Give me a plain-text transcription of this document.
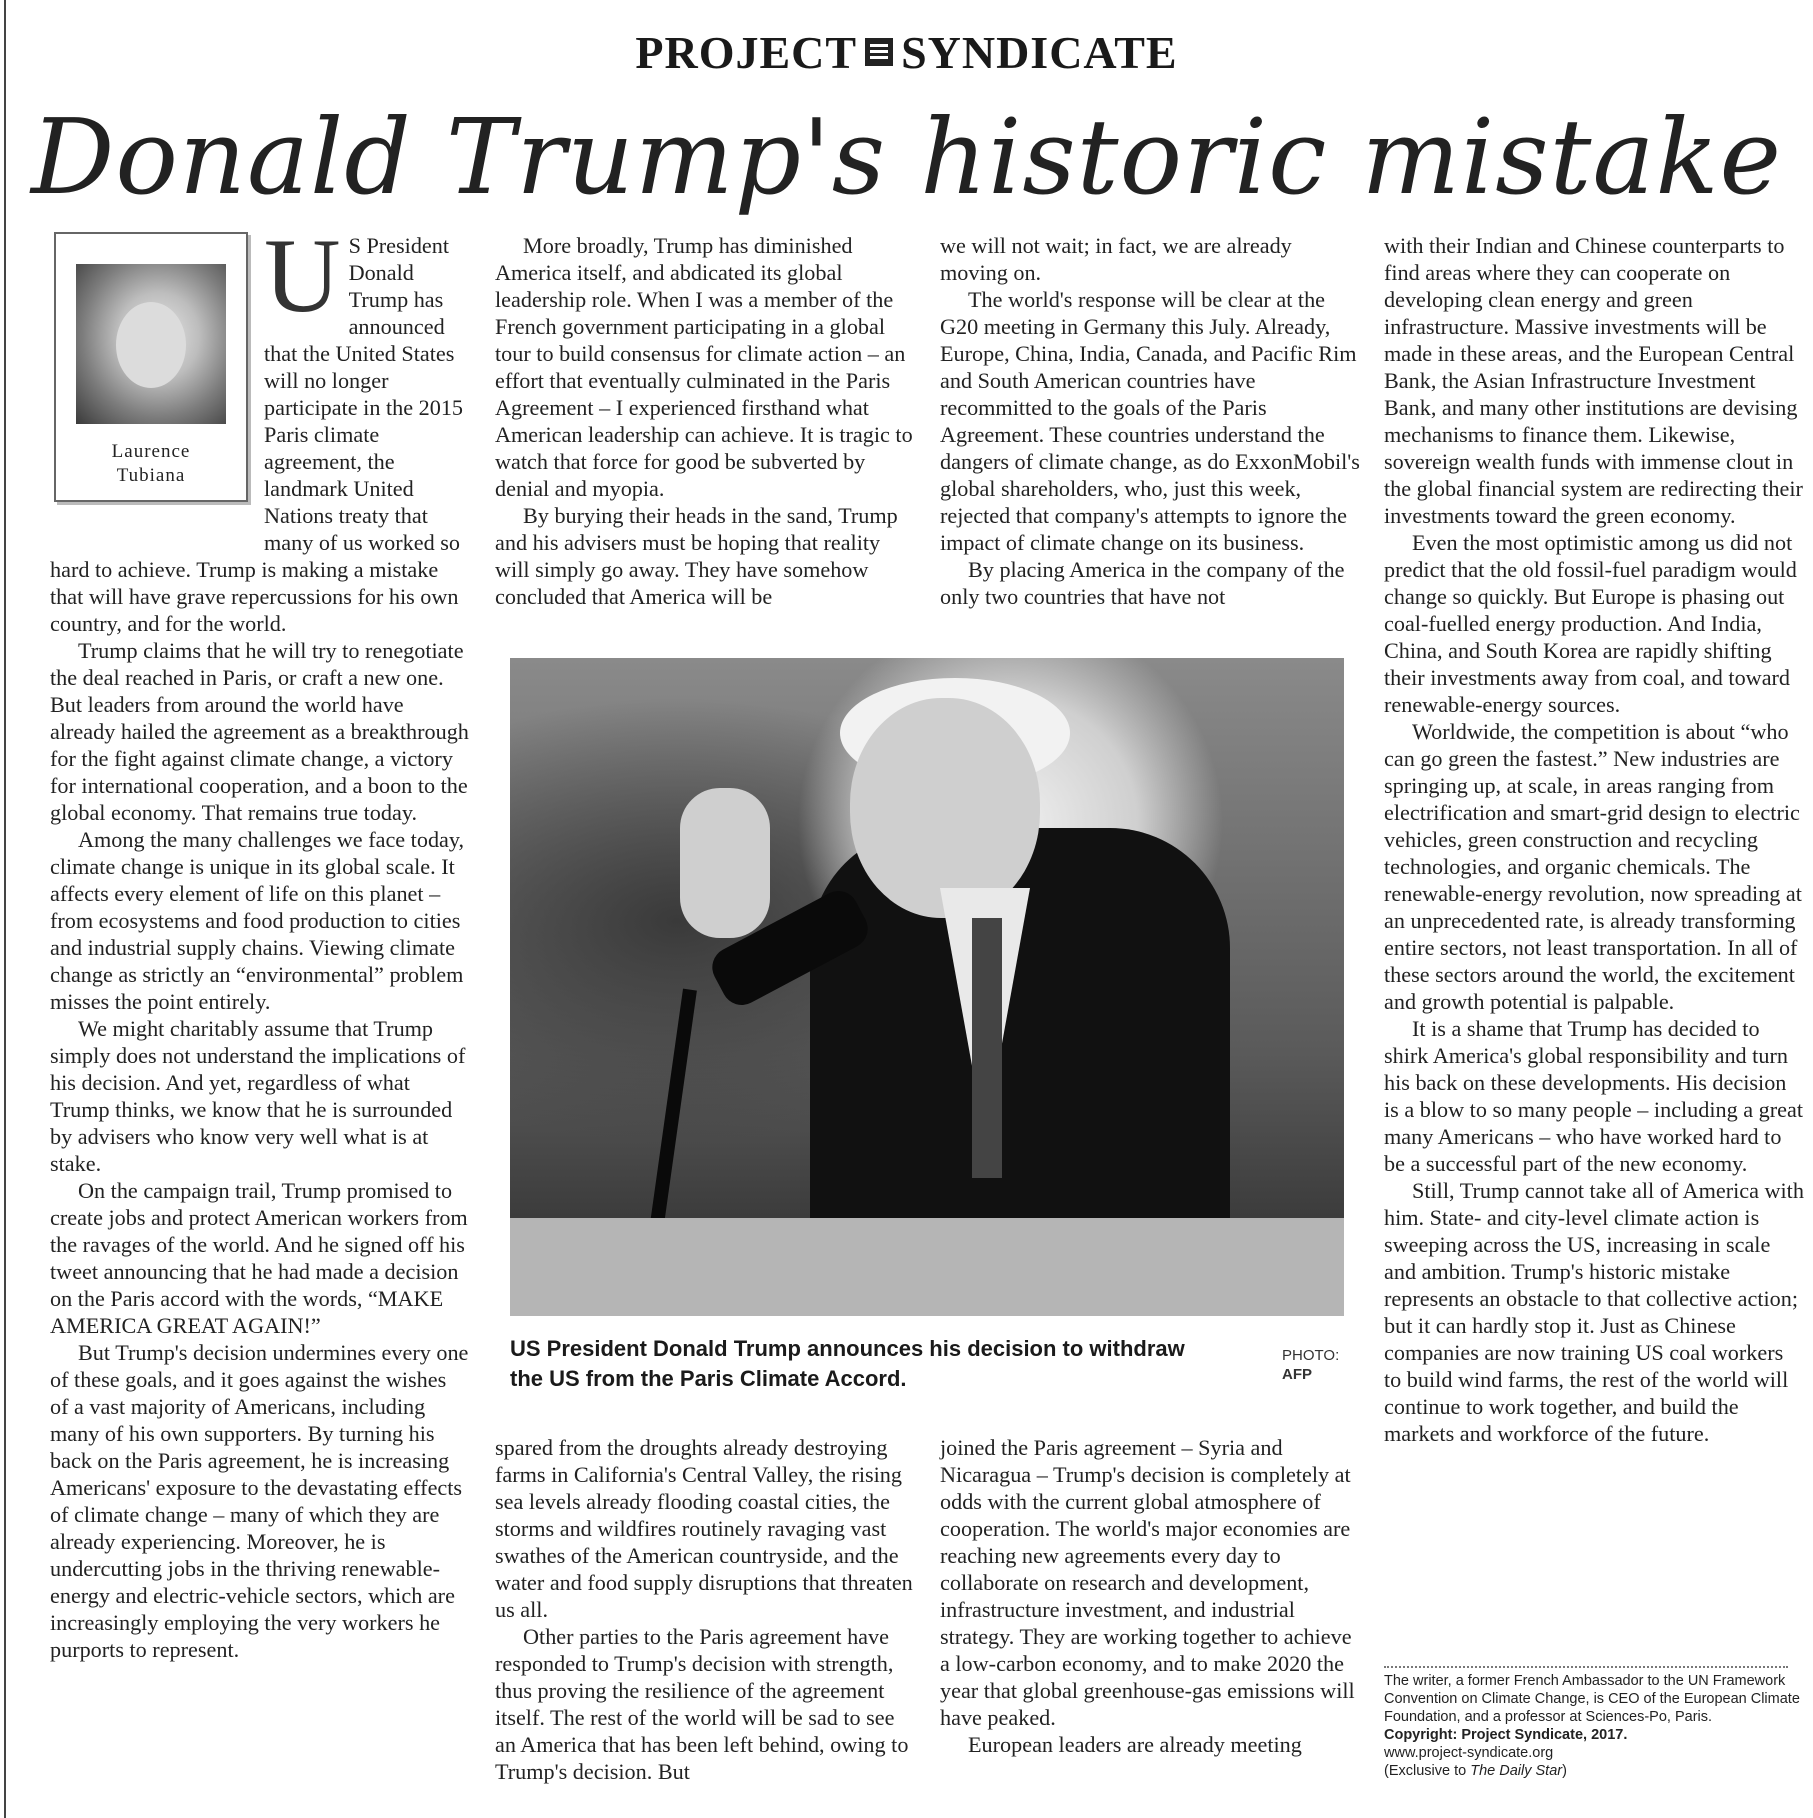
PROJECT SYNDICATE
Donald Trump's historic mistake
Laurence
Tubiana

U S President Donald Trump has announced that the United States will no longer participate in the 2015 Paris climate agreement, the landmark United Nations treaty that many of us worked so hard to achieve. Trump is making a mistake that will have grave repercussions for his own country, and for the world.

Trump claims that he will try to renegotiate the deal reached in Paris, or craft a new one. But leaders from around the world have already hailed the agreement as a breakthrough for the fight against climate change, a victory for international cooperation, and a boon to the global economy. That remains true today.

Among the many challenges we face today, climate change is unique in its global scale. It affects every element of life on this planet – from ecosystems and food production to cities and industrial supply chains. Viewing climate change as strictly an “environmental” problem misses the point entirely.

We might charitably assume that Trump simply does not understand the implications of his decision. And yet, regardless of what Trump thinks, we know that he is surrounded by advisers who know very well what is at stake.

On the campaign trail, Trump promised to create jobs and protect American workers from the ravages of the world. And he signed off his tweet announcing that he had made a decision on the Paris accord with the words, “MAKE AMERICA GREAT AGAIN!”

But Trump's decision undermines every one of these goals, and it goes against the wishes of a vast majority of Americans, including many of his own supporters. By turning his back on the Paris agreement, he is increasing Americans' exposure to the devastating effects of climate change – many of which they are already experiencing. Moreover, he is undercutting jobs in the thriving renewable-energy and electric-vehicle sectors, which are increasingly employing the very workers he purports to represent.

More broadly, Trump has diminished America itself, and abdicated its global leadership role. When I was a member of the French government participating in a global tour to build consensus for climate action – an effort that eventually culminated in the Paris Agreement – I experienced firsthand what American leadership can achieve. It is tragic to watch that force for good be subverted by denial and myopia.

By burying their heads in the sand, Trump and his advisers must be hoping that reality will simply go away. They have somehow concluded that America will be

we will not wait; in fact, we are already moving on.

The world's response will be clear at the G20 meeting in Germany this July. Already, Europe, China, India, Canada, and Pacific Rim and South American countries have recommitted to the goals of the Paris Agreement. These countries understand the dangers of climate change, as do ExxonMobil's global shareholders, who, just this week, rejected that company's attempts to ignore the impact of climate change on its business.

By placing America in the company of the only two countries that have not

US President Donald Trump announces his decision to withdraw the US from the Paris Climate Accord.
PHOTO:
AFP

spared from the droughts already destroying farms in California's Central Valley, the rising sea levels already flooding coastal cities, the storms and wildfires routinely ravaging vast swathes of the American countryside, and the water and food supply disruptions that threaten us all.

Other parties to the Paris agreement have responded to Trump's decision with strength, thus proving the resilience of the agreement itself. The rest of the world will be sad to see an America that has been left behind, owing to Trump's decision. But

joined the Paris agreement – Syria and Nicaragua – Trump's decision is completely at odds with the current global atmosphere of cooperation. The world's major economies are reaching new agreements every day to collaborate on research and development, infrastructure investment, and industrial strategy. They are working together to achieve a low-carbon economy, and to make 2020 the year that global greenhouse-gas emissions will have peaked.

European leaders are already meeting

with their Indian and Chinese counterparts to find areas where they can cooperate on developing clean energy and green infrastructure. Massive investments will be made in these areas, and the European Central Bank, the Asian Infrastructure Investment Bank, and many other institutions are devising mechanisms to finance them. Likewise, sovereign wealth funds with immense clout in the global financial system are redirecting their investments toward the green economy.

Even the most optimistic among us did not predict that the old fossil-fuel paradigm would change so quickly. But Europe is phasing out coal-fuelled energy production. And India, China, and South Korea are rapidly shifting their investments away from coal, and toward renewable-energy sources.

Worldwide, the competition is about “who can go green the fastest.” New industries are springing up, at scale, in areas ranging from electrification and smart-grid design to electric vehicles, green construction and recycling technologies, and organic chemicals. The renewable-energy revolution, now spreading at an unprecedented rate, is already transforming entire sectors, not least transportation. In all of these sectors around the world, the excitement and growth potential is palpable.

It is a shame that Trump has decided to shirk America's global responsibility and turn his back on these developments. His decision is a blow to so many people – including a great many Americans – who have worked hard to be a successful part of the new economy.

Still, Trump cannot take all of America with him. State- and city-level climate action is sweeping across the US, increasing in scale and ambition. Trump's historic mistake represents an obstacle to that collective action; but it can hardly stop it. Just as Chinese companies are now training US coal workers to build wind farms, the rest of the world will continue to work together, and build the markets and workforce of the future.

The writer, a former French Ambassador to the UN Framework Convention on Climate Change, is CEO of the European Climate Foundation, and a professor at Sciences-Po, Paris.

Copyright: Project Syndicate, 2017.

www.project-syndicate.org

(Exclusive to The Daily Star)
